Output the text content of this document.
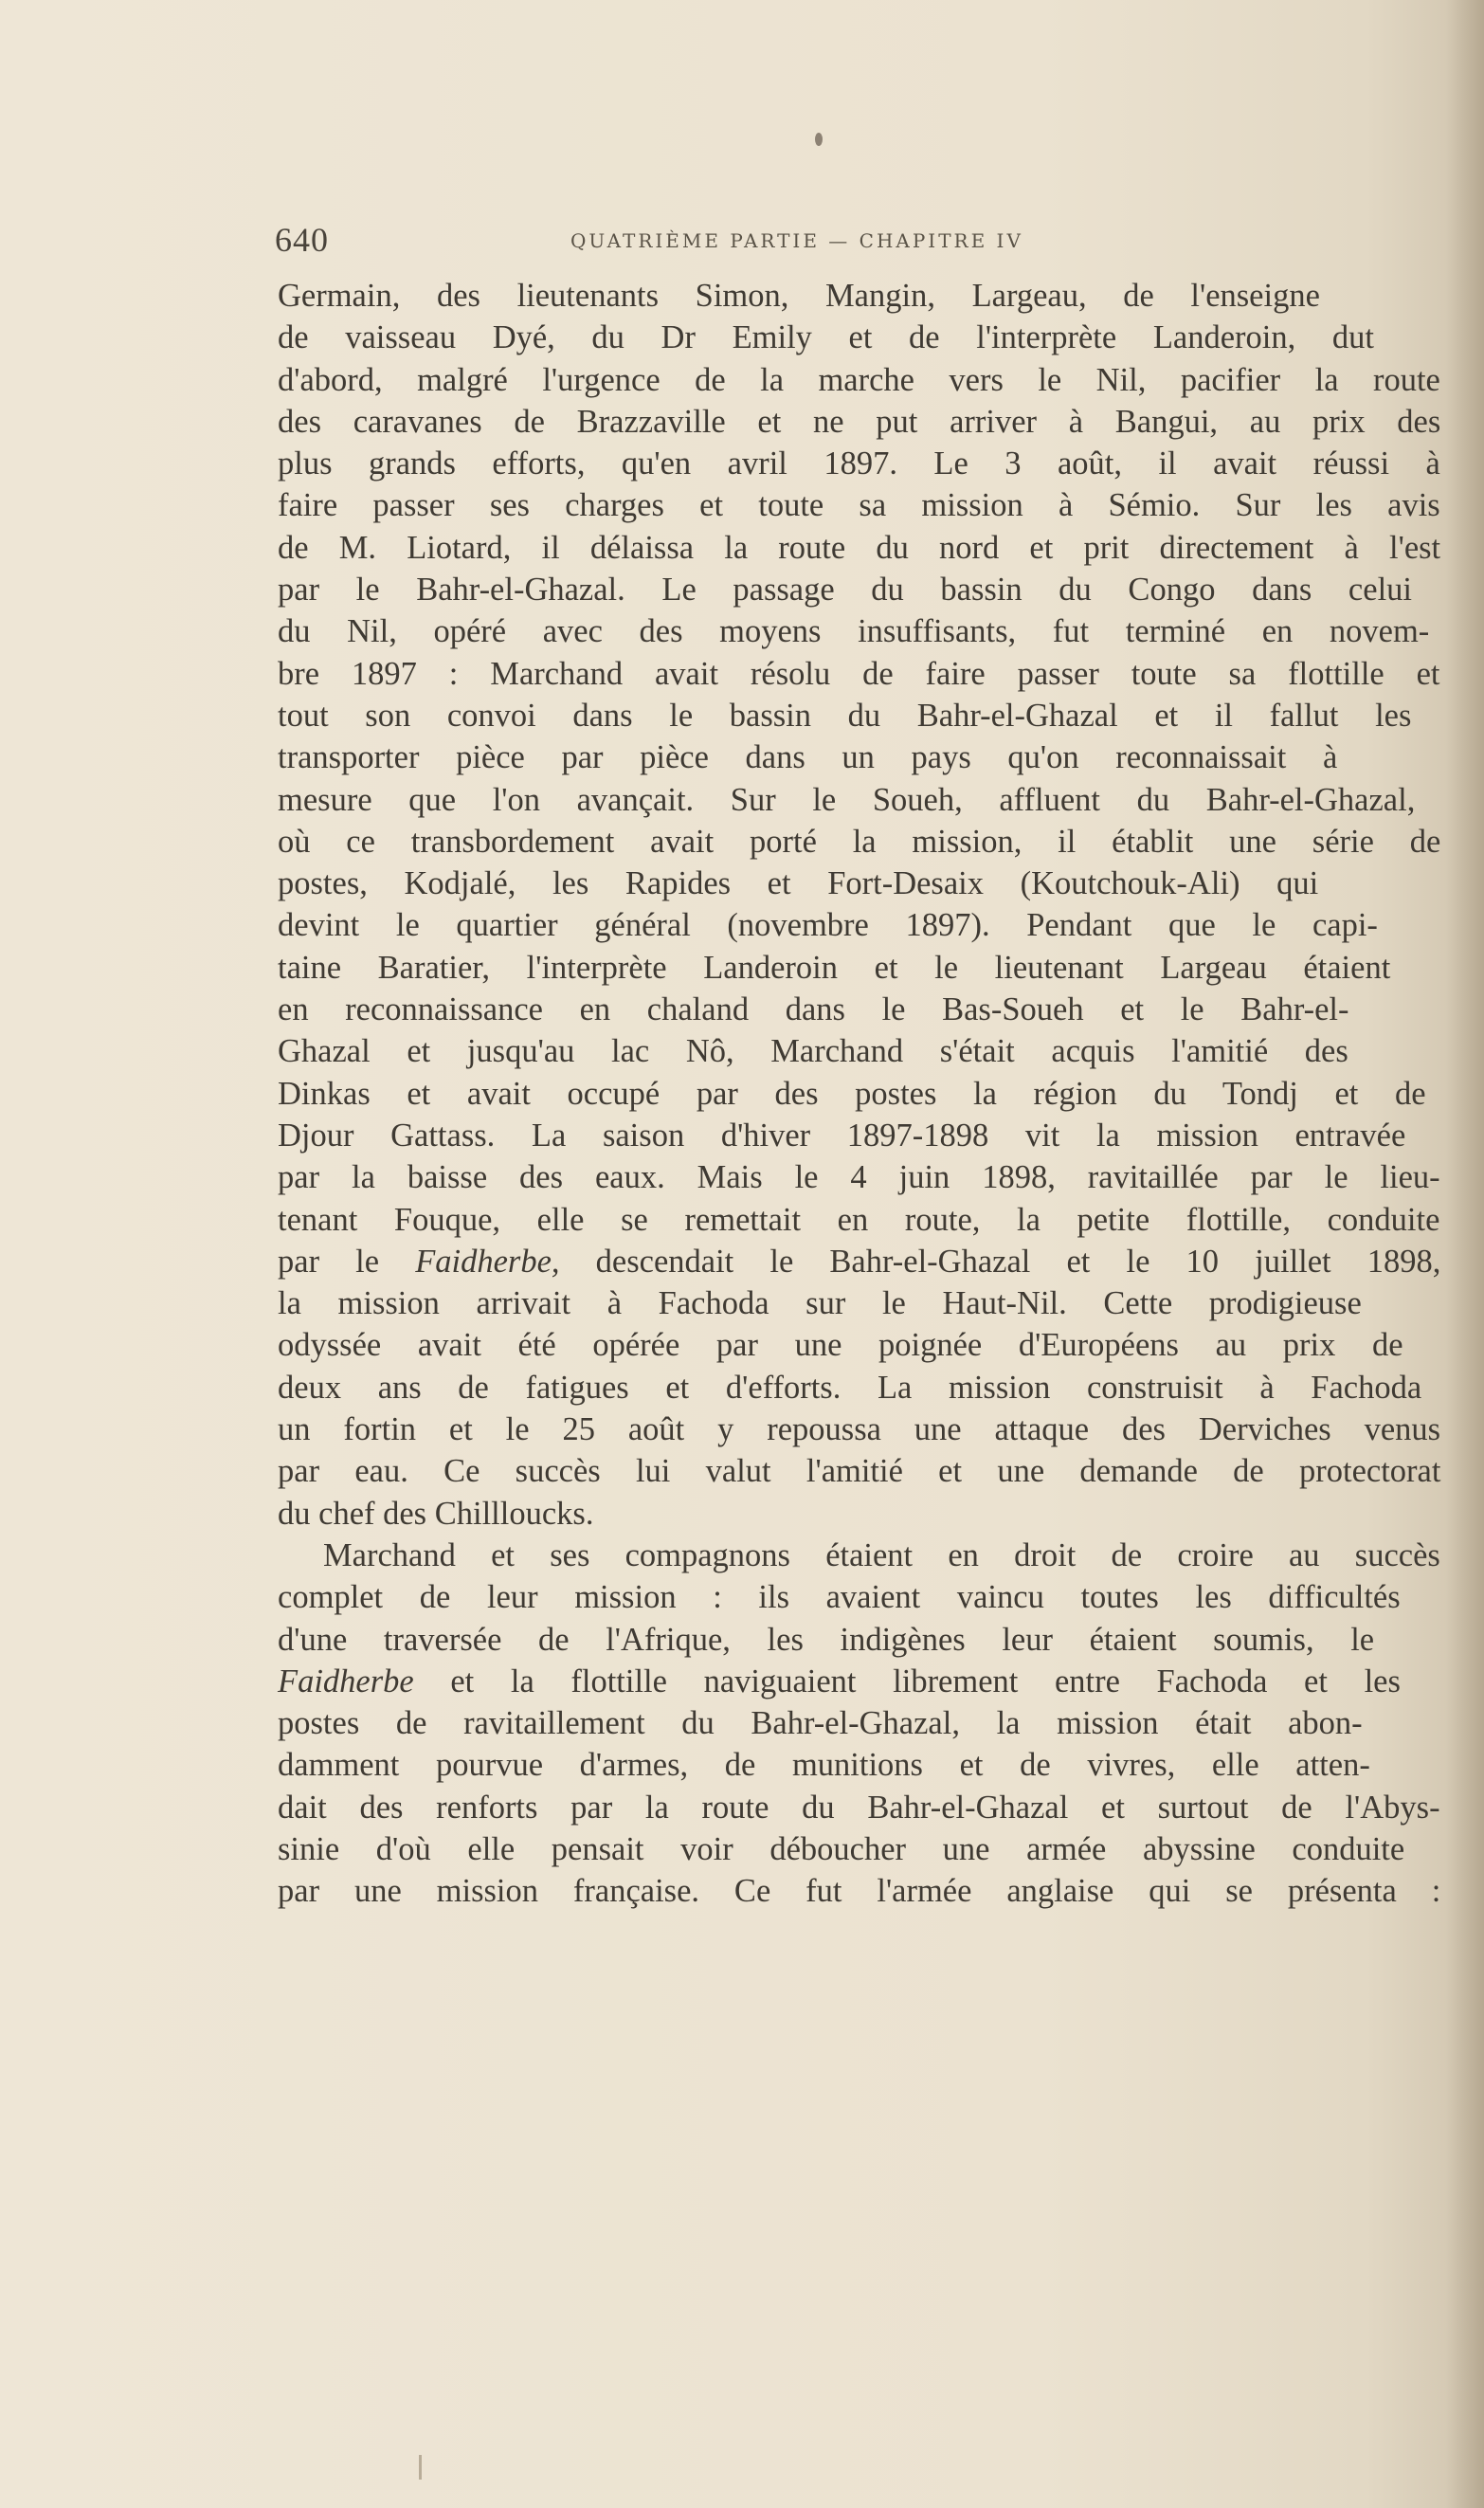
640	QUATRIÈME PARTIE — CHAPITRE IV

Germain, des lieutenants Simon, Mangin, Largeau, de l'enseigne
de vaisseau Dyé, du Dr Emily et de l'interprète Landeroin, dut
d'abord, malgré l'urgence de la marche vers le Nil, pacifier la route
des caravanes de Brazzaville et ne put arriver à Bangui, au prix des
plus grands efforts, qu'en avril 1897. Le 3 août, il avait réussi à
faire passer ses charges et toute sa mission à Sémio. Sur les avis
de M. Liotard, il délaissa la route du nord et prit directement à l'est
par le Bahr-el-Ghazal. Le passage du bassin du Congo dans celui
du Nil, opéré avec des moyens insuffisants, fut terminé en novem-
bre 1897 : Marchand avait résolu de faire passer toute sa flottille et
tout son convoi dans le bassin du Bahr-el-Ghazal et il fallut les
transporter pièce par pièce dans un pays qu'on reconnaissait à
mesure que l'on avançait. Sur le Soueh, affluent du Bahr-el-Ghazal,
où ce transbordement avait porté la mission, il établit une série de
postes, Kodjalé, les Rapides et Fort-Desaix (Koutchouk-Ali) qui
devint le quartier général (novembre 1897). Pendant que le capi-
taine Baratier, l'interprète Landeroin et le lieutenant Largeau étaient
en reconnaissance en chaland dans le Bas-Soueh et le Bahr-el-
Ghazal et jusqu'au lac Nô, Marchand s'était acquis l'amitié des
Dinkas et avait occupé par des postes la région du Tondj et de
Djour Gattass. La saison d'hiver 1897-1898 vit la mission entravée
par la baisse des eaux. Mais le 4 juin 1898, ravitaillée par le lieu-
tenant Fouque, elle se remettait en route, la petite flottille, conduite
par le Faidherbe, descendait le Bahr-el-Ghazal et le 10 juillet 1898,
la mission arrivait à Fachoda sur le Haut-Nil. Cette prodigieuse
odyssée avait été opérée par une poignée d'Européens au prix de
deux ans de fatigues et d'efforts. La mission construisit à Fachoda
un fortin et le 25 août y repoussa une attaque des Derviches venus
par eau. Ce succès lui valut l'amitié et une demande de protectorat
du chef des Chillloucks.

Marchand et ses compagnons étaient en droit de croire au succès
complet de leur mission : ils avaient vaincu toutes les difficultés
d'une traversée de l'Afrique, les indigènes leur étaient soumis, le
Faidherbe et la flottille naviguaient librement entre Fachoda et les
postes de ravitaillement du Bahr-el-Ghazal, la mission était abon-
damment pourvue d'armes, de munitions et de vivres, elle atten-
dait des renforts par la route du Bahr-el-Ghazal et surtout de l'Abys-
sinie d'où elle pensait voir déboucher une armée abyssine conduite
par une mission française. Ce fut l'armée anglaise qui se présenta :
